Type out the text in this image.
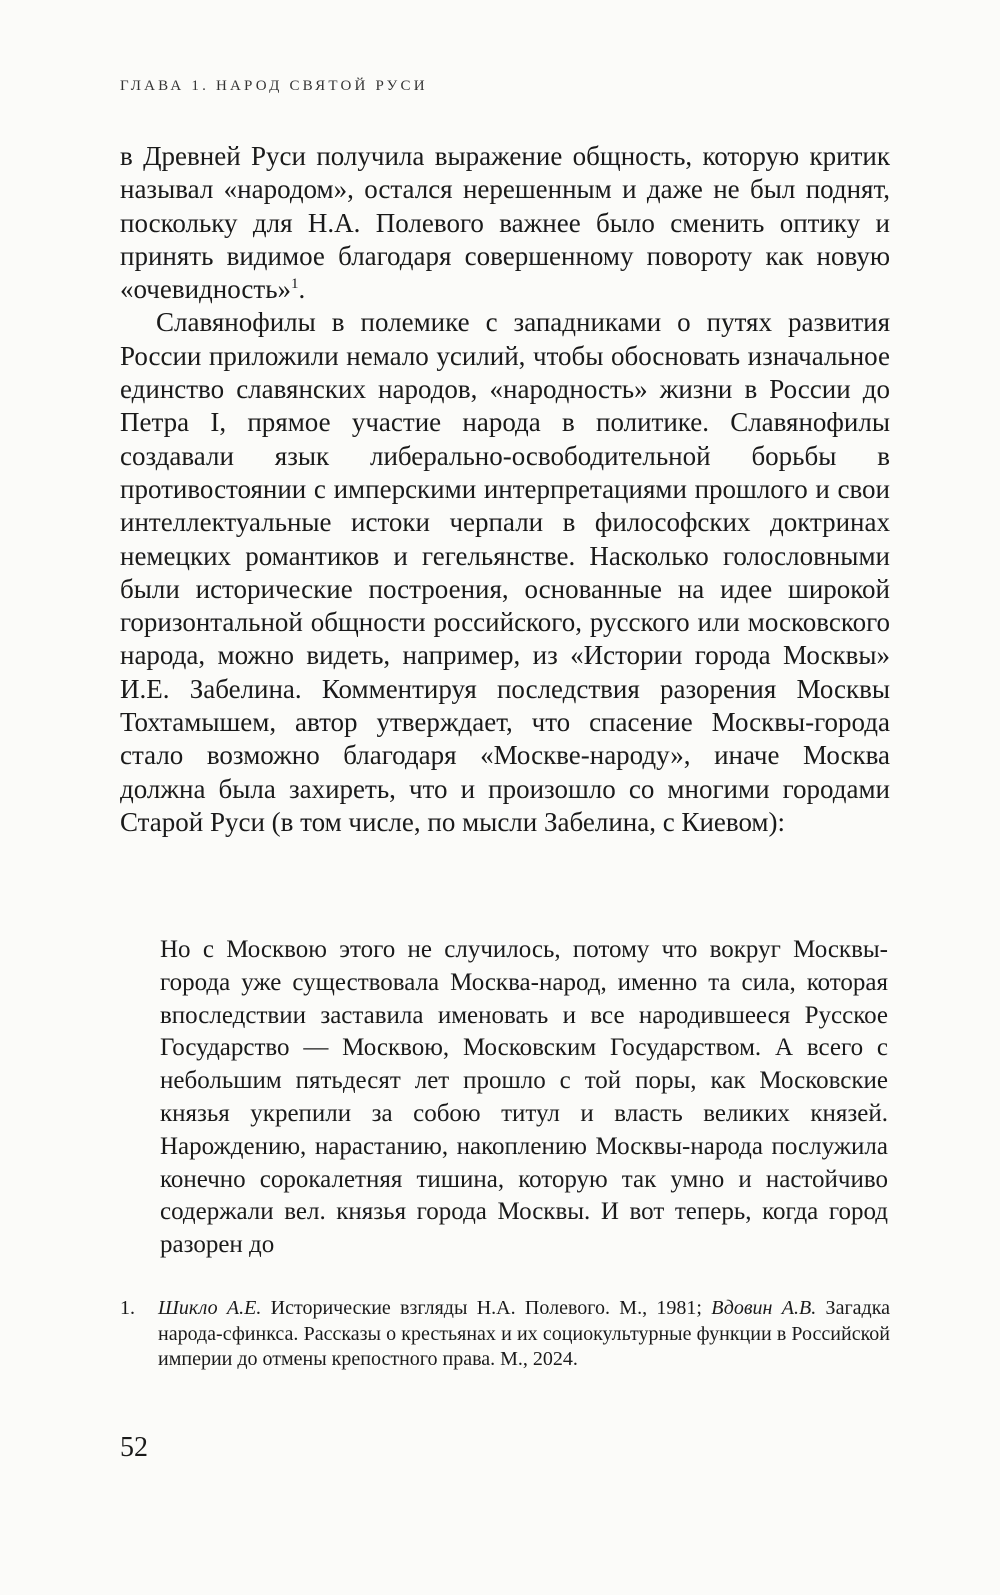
ГЛАВА 1. НАРОД СВЯТОЙ РУСИ

в Древней Руси получила выражение общность, которую критик называл «народом», остался нерешенным и даже не был поднят, поскольку для Н.А. Полевого важнее было сменить оптику и принять видимое благодаря совершенному повороту как новую «очевидность»$^1$.

Славянофилы в полемике с западниками о путях развития России приложили немало усилий, чтобы обосновать изначальное единство славянских народов, «народность» жизни в России до Петра I, прямое участие народа в политике. Славянофилы создавали язык либерально-освободительной борьбы в противостоянии с имперскими интерпретациями прошлого и свои интеллектуальные истоки черпали в философских доктринах немецких романтиков и гегельянстве. Насколько голословными были исторические построения, основанные на идее широкой горизонтальной общности российского, русского или московского народа, можно видеть, например, из «Истории города Москвы» И.Е. Забелина. Комментируя последствия разорения Москвы Тохтамышем, автор утверждает, что спасение Москвы-города стало возможно благодаря «Москве-народу», иначе Москва должна была захиреть, что и произошло со многими городами Старой Руси (в том числе, по мысли Забелина, с Киевом):

Но с Москвою этого не случилось, потому что вокруг Москвы-города уже существовала Москва-народ, именно та сила, которая впоследствии заставила именовать и все народившееся Русское Государство — Москвою, Московским Государством. А всего с небольшим пятьдесят лет прошло с той поры, как Московские князья укрепили за собою титул и власть великих князей. Нарождению, нарастанию, накоплению Москвы-народа послужила конечно сорокалетняя тишина, которую так умно и настойчиво содержали вел. князья города Москвы. И вот теперь, когда город разорен до

1. Шикло А.Е. Исторические взгляды Н.А. Полевого. М., 1981; Вдовин А.В. Загадка народа-сфинкса. Рассказы о крестьянах и их социокультурные функции в Российской империи до отмены крепостного права. М., 2024.
52
